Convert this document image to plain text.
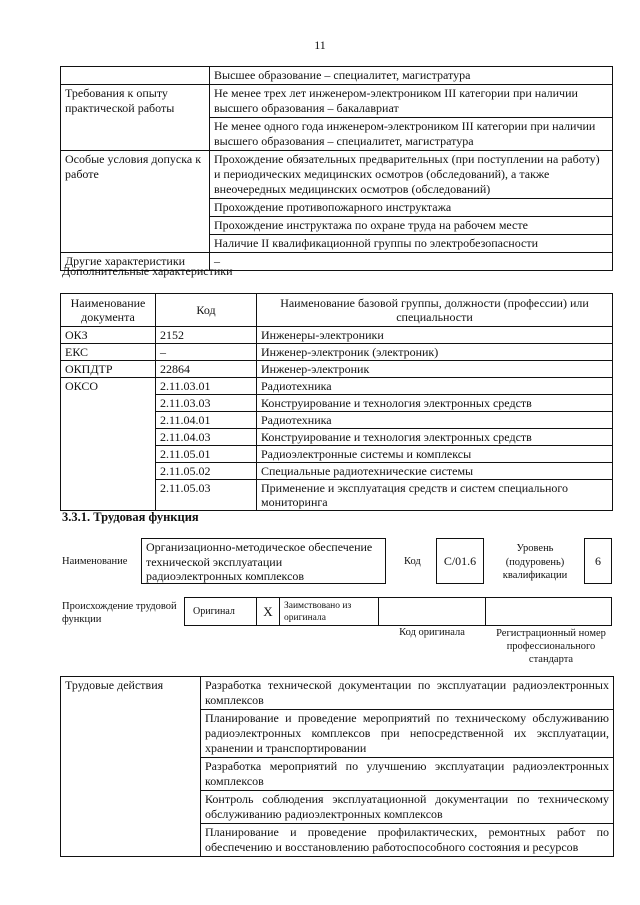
11
	Высшее образование – специалитет, магистратура
Требования к опыту практической работы	Не менее трех лет инженером-электроником III категории при наличии высшего образования – бакалавриат
Не менее одного года инженером-электроником III категории при наличии высшего образования – специалитет, магистратура

Особые условия допуска к работе	Прохождение обязательных предварительных (при поступлении на работу) и периодических медицинских осмотров (обследований), а также внеочередных медицинских осмотров (обследований)
Прохождение противопожарного инструктажа
Прохождение инструктажа по охране труда на рабочем месте
Наличие II квалификационной группы по электробезопасности

Другие характеристики	–
Дополнительные характеристики
Наименование документа	Код	Наименование базовой группы, должности (профессии) или специальности
ОКЗ	2152	Инженеры-электроники
ЕКС	–	Инженер-электроник (электроник)
ОКПДТР	22864	Инженер-электроник
ОКСО	2.11.03.01	Радиотехника
	2.11.03.03	Конструирование и технология электронных средств
	2.11.04.01	Радиотехника
	2.11.04.03	Конструирование и технология электронных средств
	2.11.05.01	Радиоэлектронные системы и комплексы
	2.11.05.02	Специальные радиотехнические системы
	2.11.05.03	Применение и эксплуатация средств и систем специального мониторинга
3.3.1. Трудовая функция
Наименование
Организационно-методическое обеспечение технической эксплуатации радиоэлектронных комплексов
Код	C/01.6
Уровень (подуровень) квалификации
6
Происхождение трудовой функции
Оригинал	X	Заимствовано из оригинала
Код оригинала	Регистрационный номер профессионального стандарта
Трудовые действия	Разработка технической документации по эксплуатации радиоэлектронных комплексов
Планирование и проведение мероприятий по техническому обслуживанию радиоэлектронных комплексов при непосредственной их эксплуатации, хранении и транспортировании
Разработка мероприятий по улучшению эксплуатации радиоэлектронных комплексов
Контроль соблюдения эксплуатационной документации по техническому обслуживанию радиоэлектронных комплексов
Планирование и проведение профилактических, ремонтных работ по обеспечению и восстановлению работоспособного состояния и ресурсов
